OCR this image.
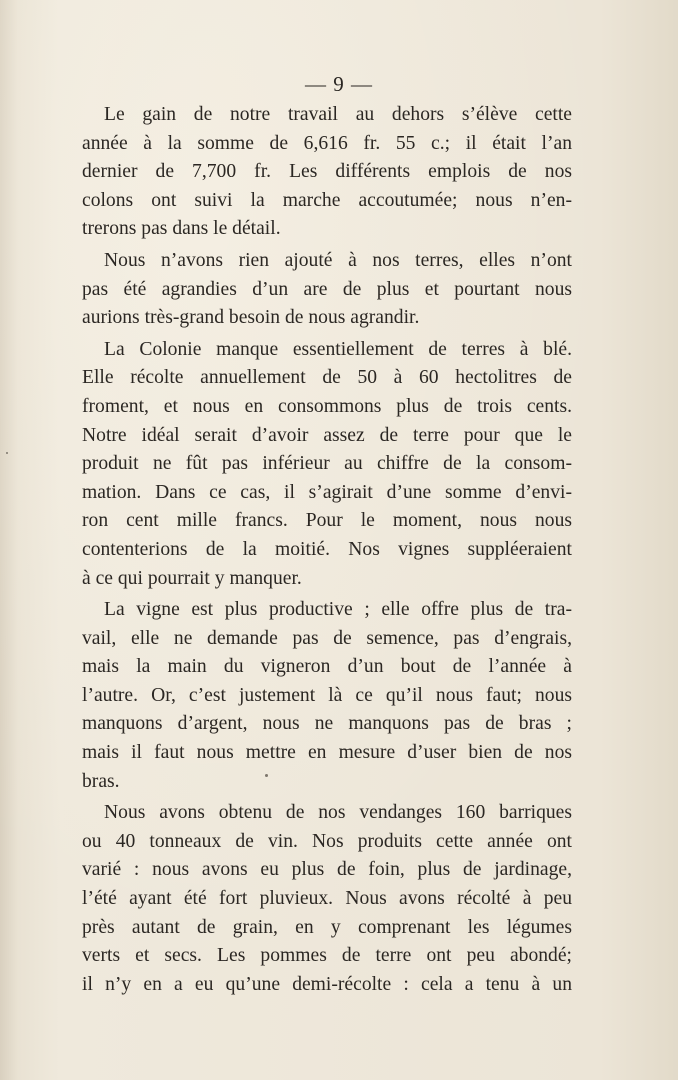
— 9 —
Le gain de notre travail au dehors s’élève cette
année à la somme de 6,616 fr. 55 c.; il était l’an
dernier de 7,700 fr. Les différents emplois de nos
colons ont suivi la marche accoutumée; nous n’en-
trerons pas dans le détail.
Nous n’avons rien ajouté à nos terres, elles n’ont
pas été agrandies d’un are de plus et pourtant nous
aurions très-grand besoin de nous agrandir.
La Colonie manque essentiellement de terres à blé.
Elle récolte annuellement de 50 à 60 hectolitres de
froment, et nous en consommons plus de trois cents.
Notre idéal serait d’avoir assez de terre pour que le
produit ne fût pas inférieur au chiffre de la consom-
mation. Dans ce cas, il s’agirait d’une somme d’envi-
ron cent mille francs. Pour le moment, nous nous
contenterions de la moitié. Nos vignes suppléeraient
à ce qui pourrait y manquer.
La vigne est plus productive ; elle offre plus de tra-
vail, elle ne demande pas de semence, pas d’engrais,
mais la main du vigneron d’un bout de l’année à
l’autre. Or, c’est justement là ce qu’il nous faut; nous
manquons d’argent, nous ne manquons pas de bras ;
mais il faut nous mettre en mesure d’user bien de nos
bras.
Nous avons obtenu de nos vendanges 160 barriques
ou 40 tonneaux de vin. Nos produits cette année ont
varié : nous avons eu plus de foin, plus de jardinage,
l’été ayant été fort pluvieux. Nous avons récolté à peu
près autant de grain, en y comprenant les légumes
verts et secs. Les pommes de terre ont peu abondé;
il n’y en a eu qu’une demi-récolte : cela a tenu à un
